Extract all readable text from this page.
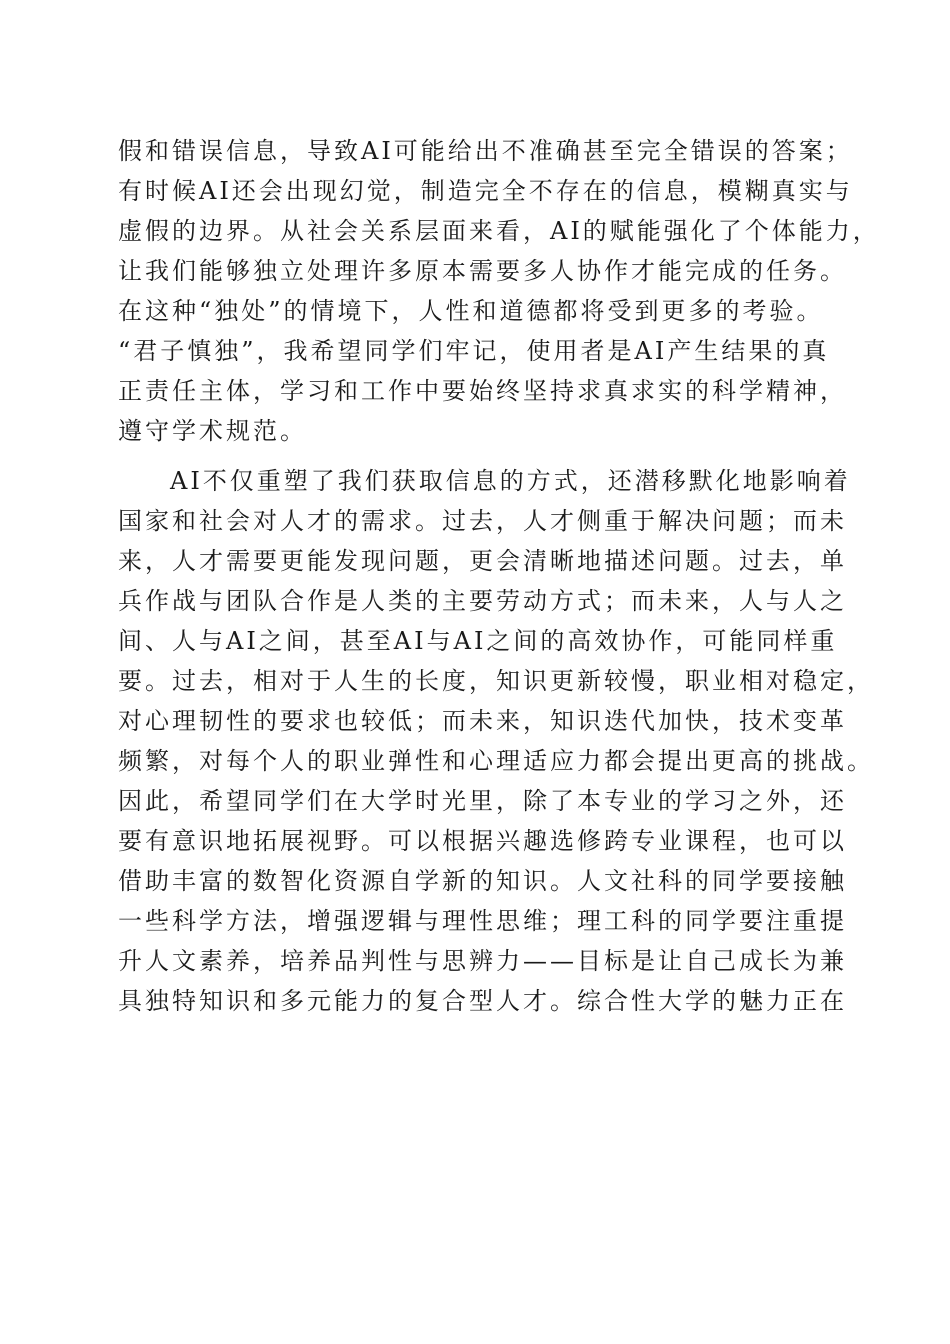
假和错误信息，导致AI可能给出不准确甚至完全错误的答案；
有时候AI还会出现幻觉，制造完全不存在的信息，模糊真实与
虚假的边界。从社会关系层面来看，AI的赋能强化了个体能力，
让我们能够独立处理许多原本需要多人协作才能完成的任务。
在这种“独处”的情境下，人性和道德都将受到更多的考验。
“君子慎独”，我希望同学们牢记，使用者是AI产生结果的真
正责任主体，学习和工作中要始终坚持求真求实的科学精神，
遵守学术规范。
AI不仅重塑了我们获取信息的方式，还潜移默化地影响着
国家和社会对人才的需求。过去，人才侧重于解决问题；而未
来，人才需要更能发现问题，更会清晰地描述问题。过去，单
兵作战与团队合作是人类的主要劳动方式；而未来，人与人之
间、人与AI之间，甚至AI与AI之间的高效协作，可能同样重
要。过去，相对于人生的长度，知识更新较慢，职业相对稳定，
对心理韧性的要求也较低；而未来，知识迭代加快，技术变革
频繁，对每个人的职业弹性和心理适应力都会提出更高的挑战。
因此，希望同学们在大学时光里，除了本专业的学习之外，还
要有意识地拓展视野。可以根据兴趣选修跨专业课程，也可以
借助丰富的数智化资源自学新的知识。人文社科的同学要接触
一些科学方法，增强逻辑与理性思维；理工科的同学要注重提
升人文素养，培养品判性与思辨力——目标是让自己成长为兼
具独特知识和多元能力的复合型人才。综合性大学的魅力正在
